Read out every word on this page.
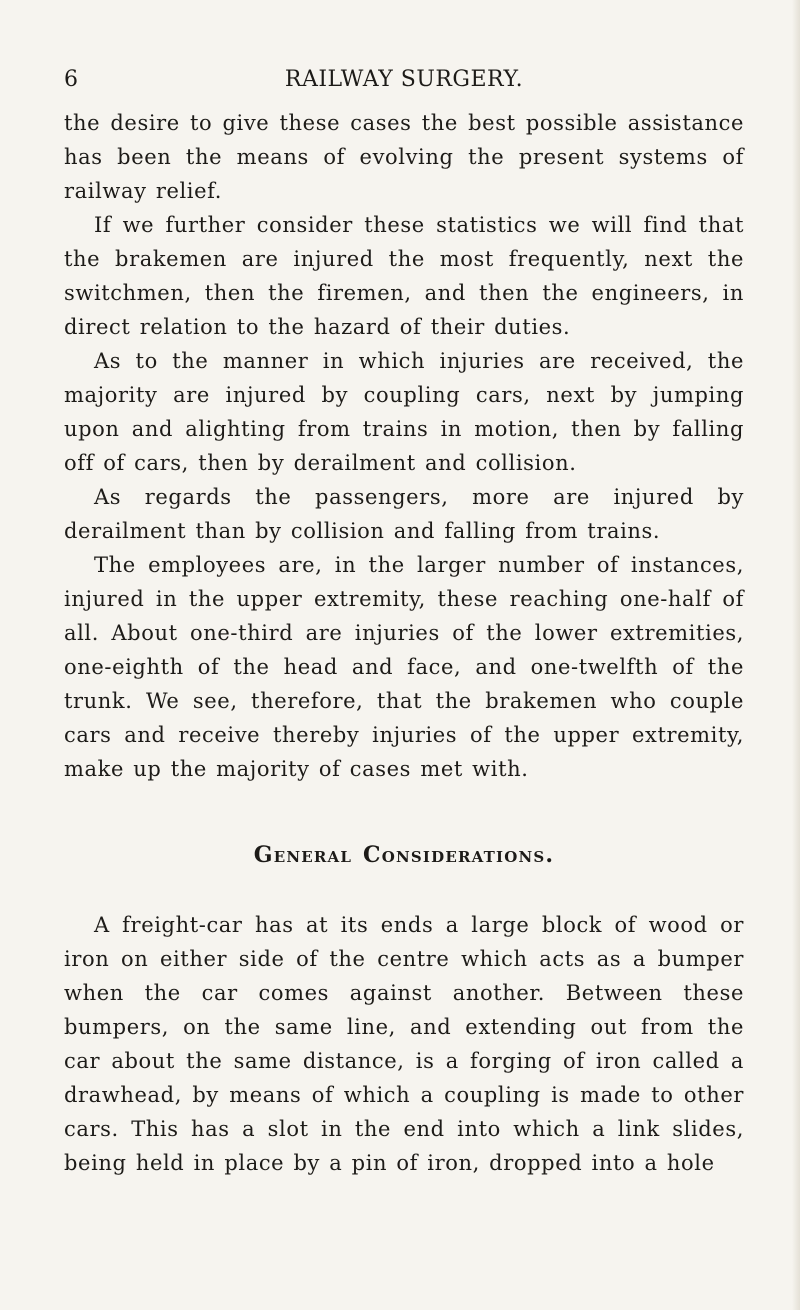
6	RAILWAY SURGERY.

the desire to give these cases the best possible assistance has been the means of evolving the present systems of railway relief.

If we further consider these statistics we will find that the brakemen are injured the most frequently, next the switchmen, then the firemen, and then the engineers, in direct relation to the hazard of their duties.

As to the manner in which injuries are received, the majority are injured by coupling cars, next by jumping upon and alighting from trains in motion, then by falling off of cars, then by derailment and collision.

As regards the passengers, more are injured by derailment than by collision and falling from trains.

The employees are, in the larger number of instances, injured in the upper extremity, these reaching one-half of all. About one-third are injuries of the lower extremities, one-eighth of the head and face, and one-twelfth of the trunk. We see, therefore, that the brakemen who couple cars and receive thereby injuries of the upper extremity, make up the majority of cases met with.

General Considerations.

A freight-car has at its ends a large block of wood or iron on either side of the centre which acts as a bumper when the car comes against another. Between these bumpers, on the same line, and extending out from the car about the same distance, is a forging of iron called a drawhead, by means of which a coupling is made to other cars. This has a slot in the end into which a link slides, being held in place by a pin of iron, dropped into a hole
